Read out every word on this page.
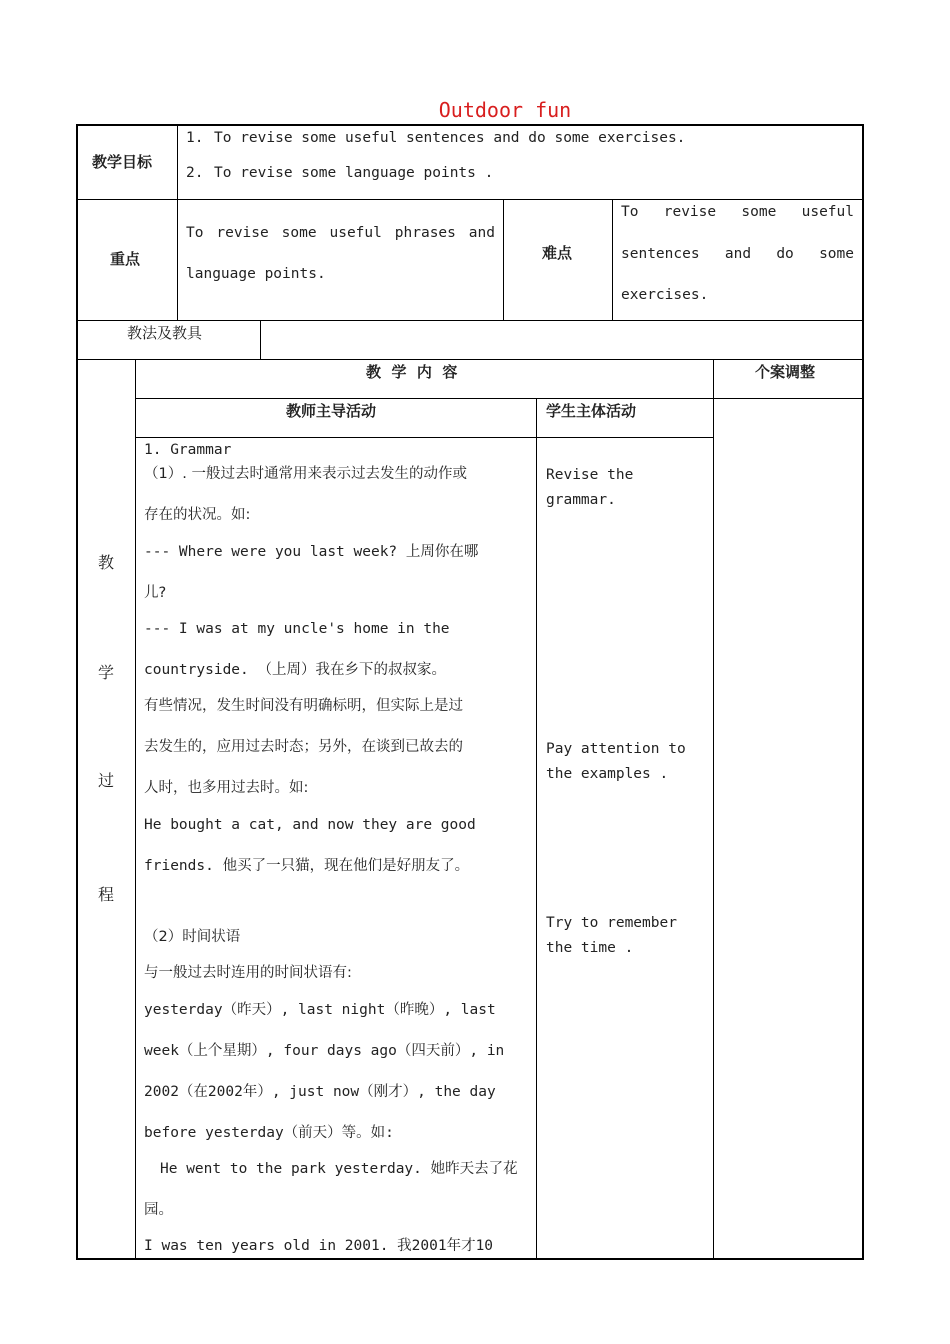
Outdoor fun
教学目标
1. To revise some useful sentences and do some exercises.
2. To revise some language points .
重点
To revise some useful phrases and
language points.
难点
To revise some useful
sentences and do some
exercises.
教法及教具
教
学
过
程
教  学  内  容	个案调整
教师主导活动	学生主体活动
1. Grammar
（1）. 一般过去时通常用来表示过去发生的动作或
存在的状况。如:
--- Where were you last week? 上周你在哪
儿?
--- I was at my uncle's home in the
countryside. （上周）我在乡下的叔叔家。
有些情况，发生时间没有明确标明，但实际上是过
去发生的，应用过去时态；另外，在谈到已故去的
人时，也多用过去时。如:
He bought a cat, and now they are good
friends. 他买了一只猫，现在他们是好朋友了。
（2）时间状语
与一般过去时连用的时间状语有:
yesterday（昨天）, last night（昨晚）, last
week（上个星期）, four days ago（四天前）, in
2002（在2002年）, just now（刚才）, the day
before yesterday（前天）等。如:
He went to the park yesterday. 她昨天去了花
园。
I was ten years old in 2001. 我2001年才10
Revise the
grammar.
Pay attention to
the examples .
Try to remember
the time .
